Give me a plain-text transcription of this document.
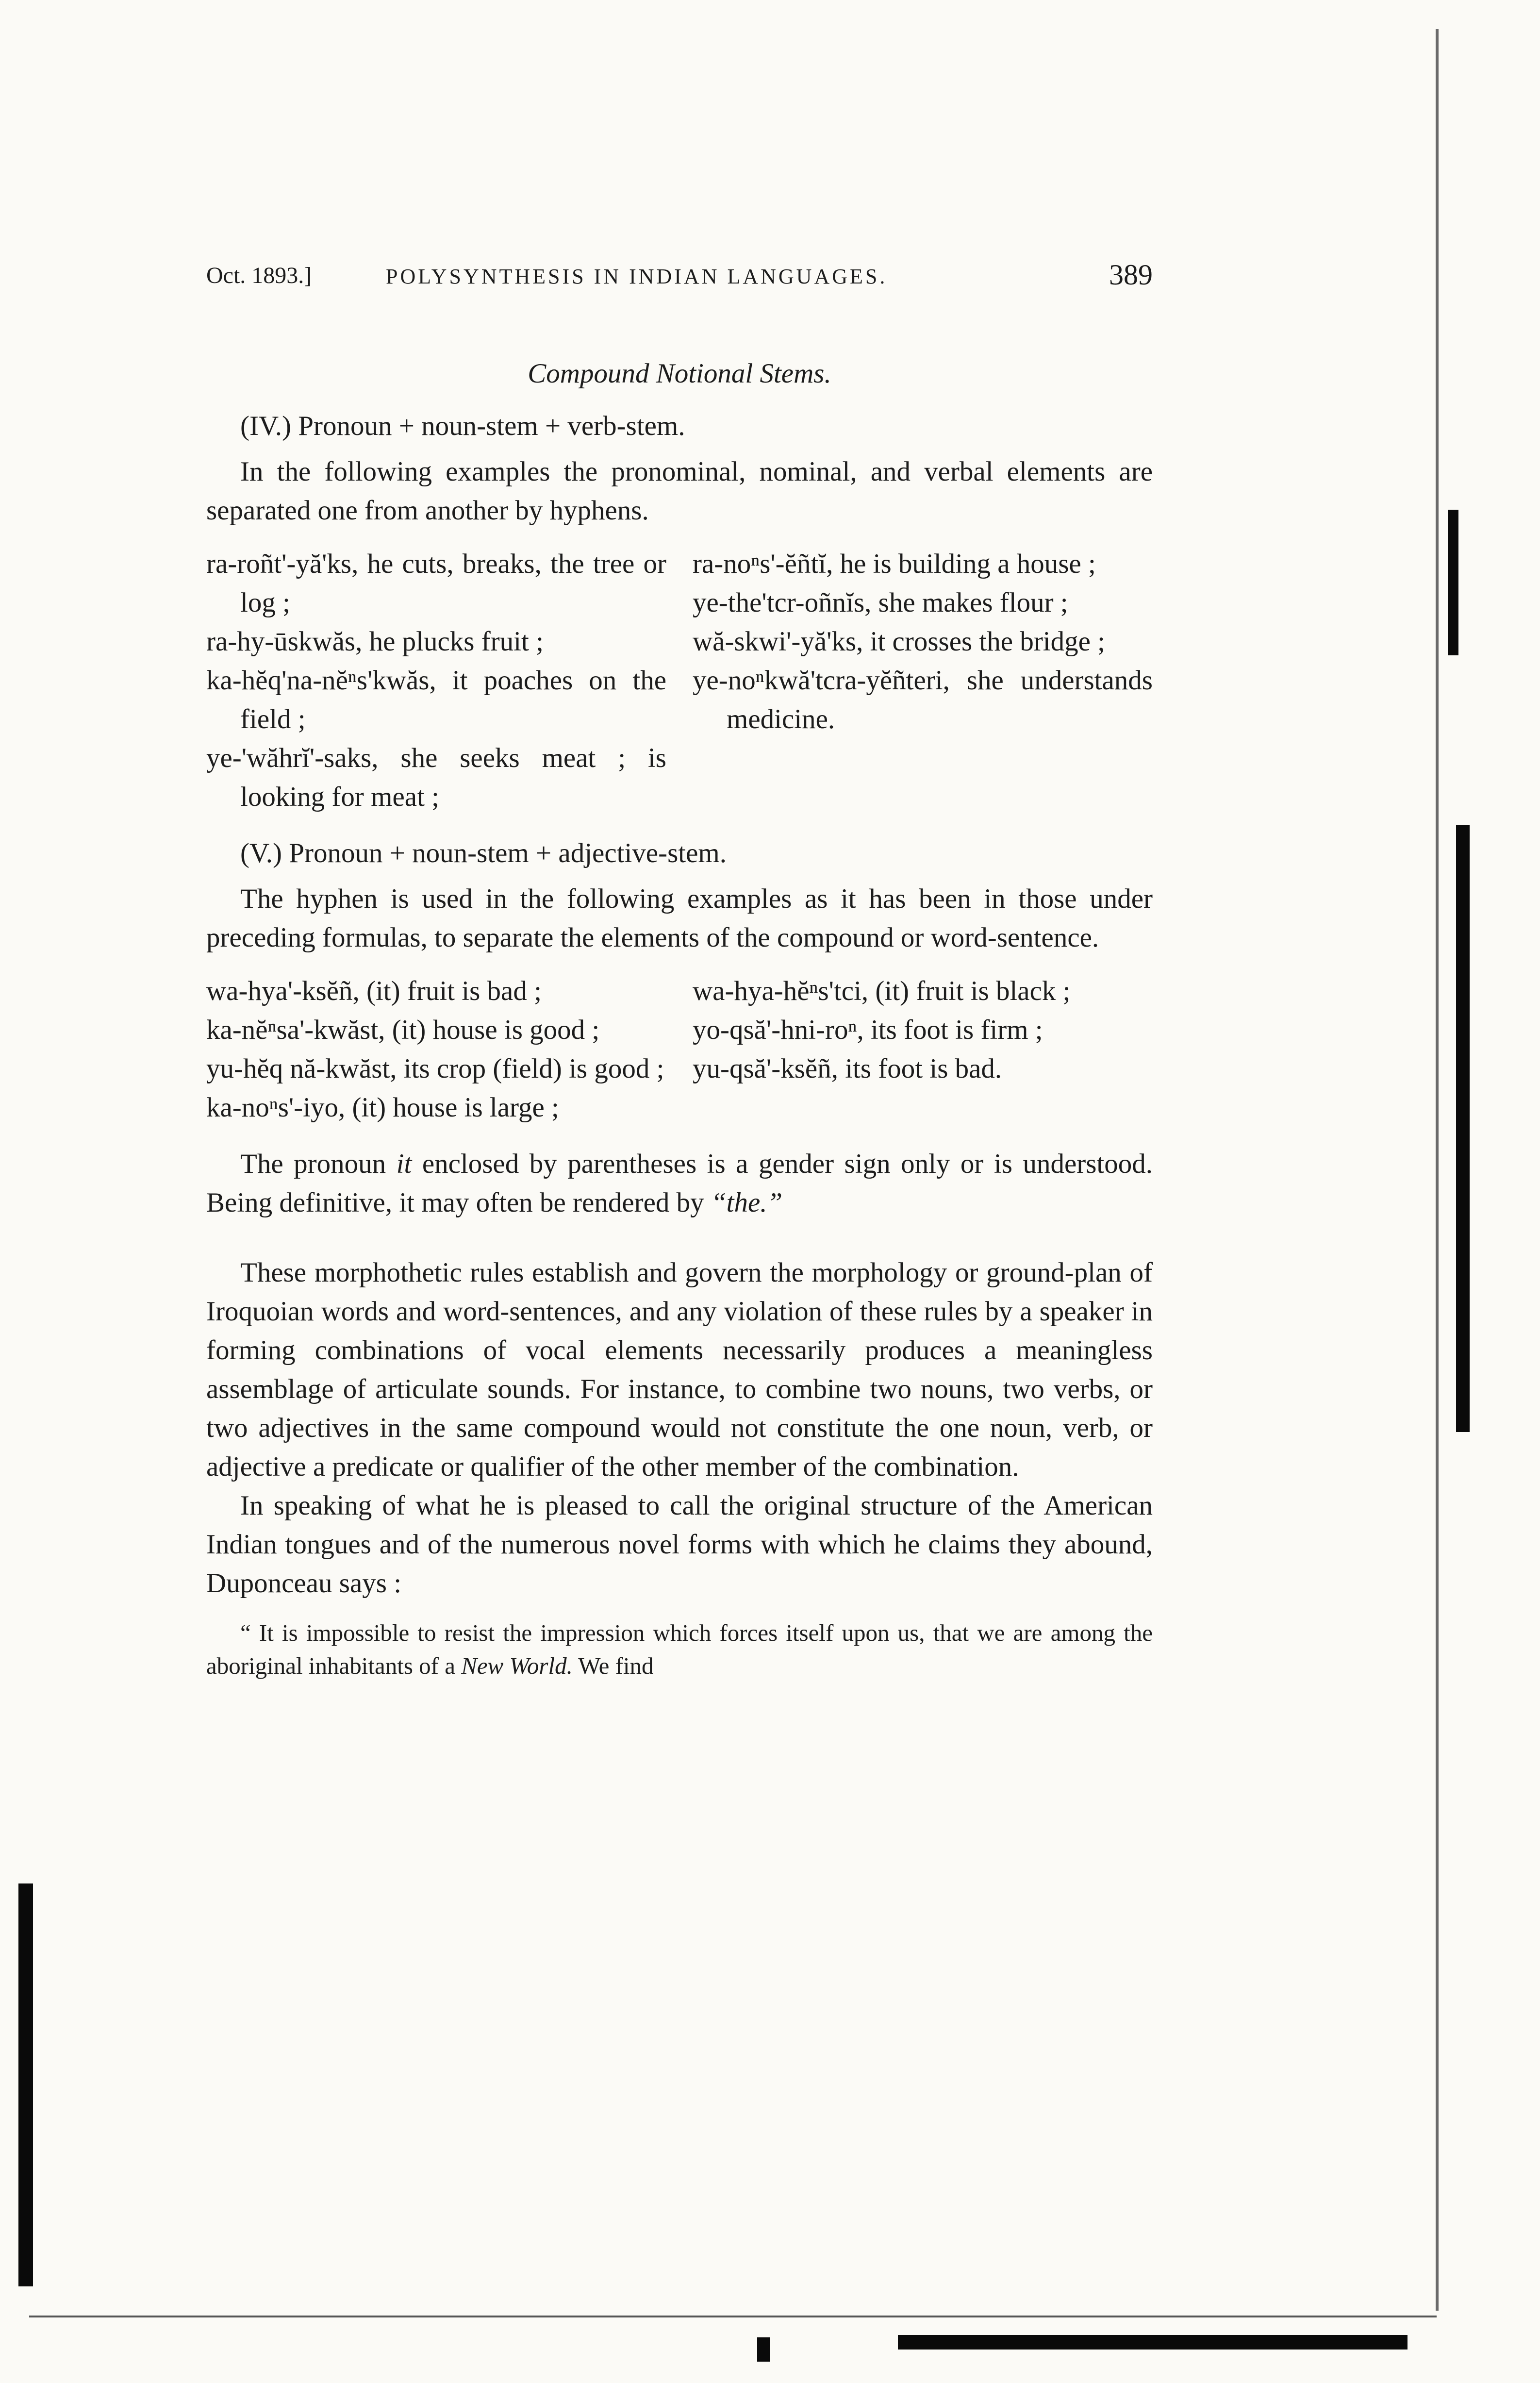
Oct. 1893.]	POLYSYNTHESIS IN INDIAN LANGUAGES.	389
Compound Notional Stems.
(IV.) Pronoun + noun-stem + verb-stem.

In the following examples the pronominal, nominal, and verbal elements are separated one from another by hyphens.

ra-roñt'-yă'ks, he cuts, breaks, the tree or log ;
ra-hy-ūskwăs, he plucks fruit ;
ka-hĕq'na-nĕⁿs'kwăs, it poaches on the field ;
ye-'wăhrĭ'-saks, she seeks meat ; is looking for meat ;
ra-noⁿs'-ĕñtĭ, he is building a house ;
ye-the'tcr-oñnĭs, she makes flour ;
wă-skwi'-yă'ks, it crosses the bridge ;
ye-noⁿkwă'tcra-yĕñteri, she understands medicine.
(V.) Pronoun + noun-stem + adjective-stem.

The hyphen is used in the following examples as it has been in those under preceding formulas, to separate the elements of the compound or word-sentence.

wa-hya'-ksĕñ, (it) fruit is bad ;
ka-nĕⁿsa'-kwăst, (it) house is good ;
yu-hĕq nă-kwăst, its crop (field) is good ;
ka-noⁿs'-iyo, (it) house is large ;
wa-hya-hĕⁿs'tci, (it) fruit is black ;
yo-qsă'-hni-roⁿ, its foot is firm ;
yu-qsă'-ksĕñ, its foot is bad.

The pronoun it enclosed by parentheses is a gender sign only or is understood. Being definitive, it may often be rendered by “the.”

These morphothetic rules establish and govern the morphology or ground-plan of Iroquoian words and word-sentences, and any violation of these rules by a speaker in forming combinations of vocal elements necessarily produces a meaningless assemblage of articulate sounds. For instance, to combine two nouns, two verbs, or two adjectives in the same compound would not constitute the one noun, verb, or adjective a predicate or qualifier of the other member of the combination.

In speaking of what he is pleased to call the original structure of the American Indian tongues and of the numerous novel forms with which he claims they abound, Duponceau says :

“ It is impossible to resist the impression which forces itself upon us, that we are among the aboriginal inhabitants of a New World. We find
